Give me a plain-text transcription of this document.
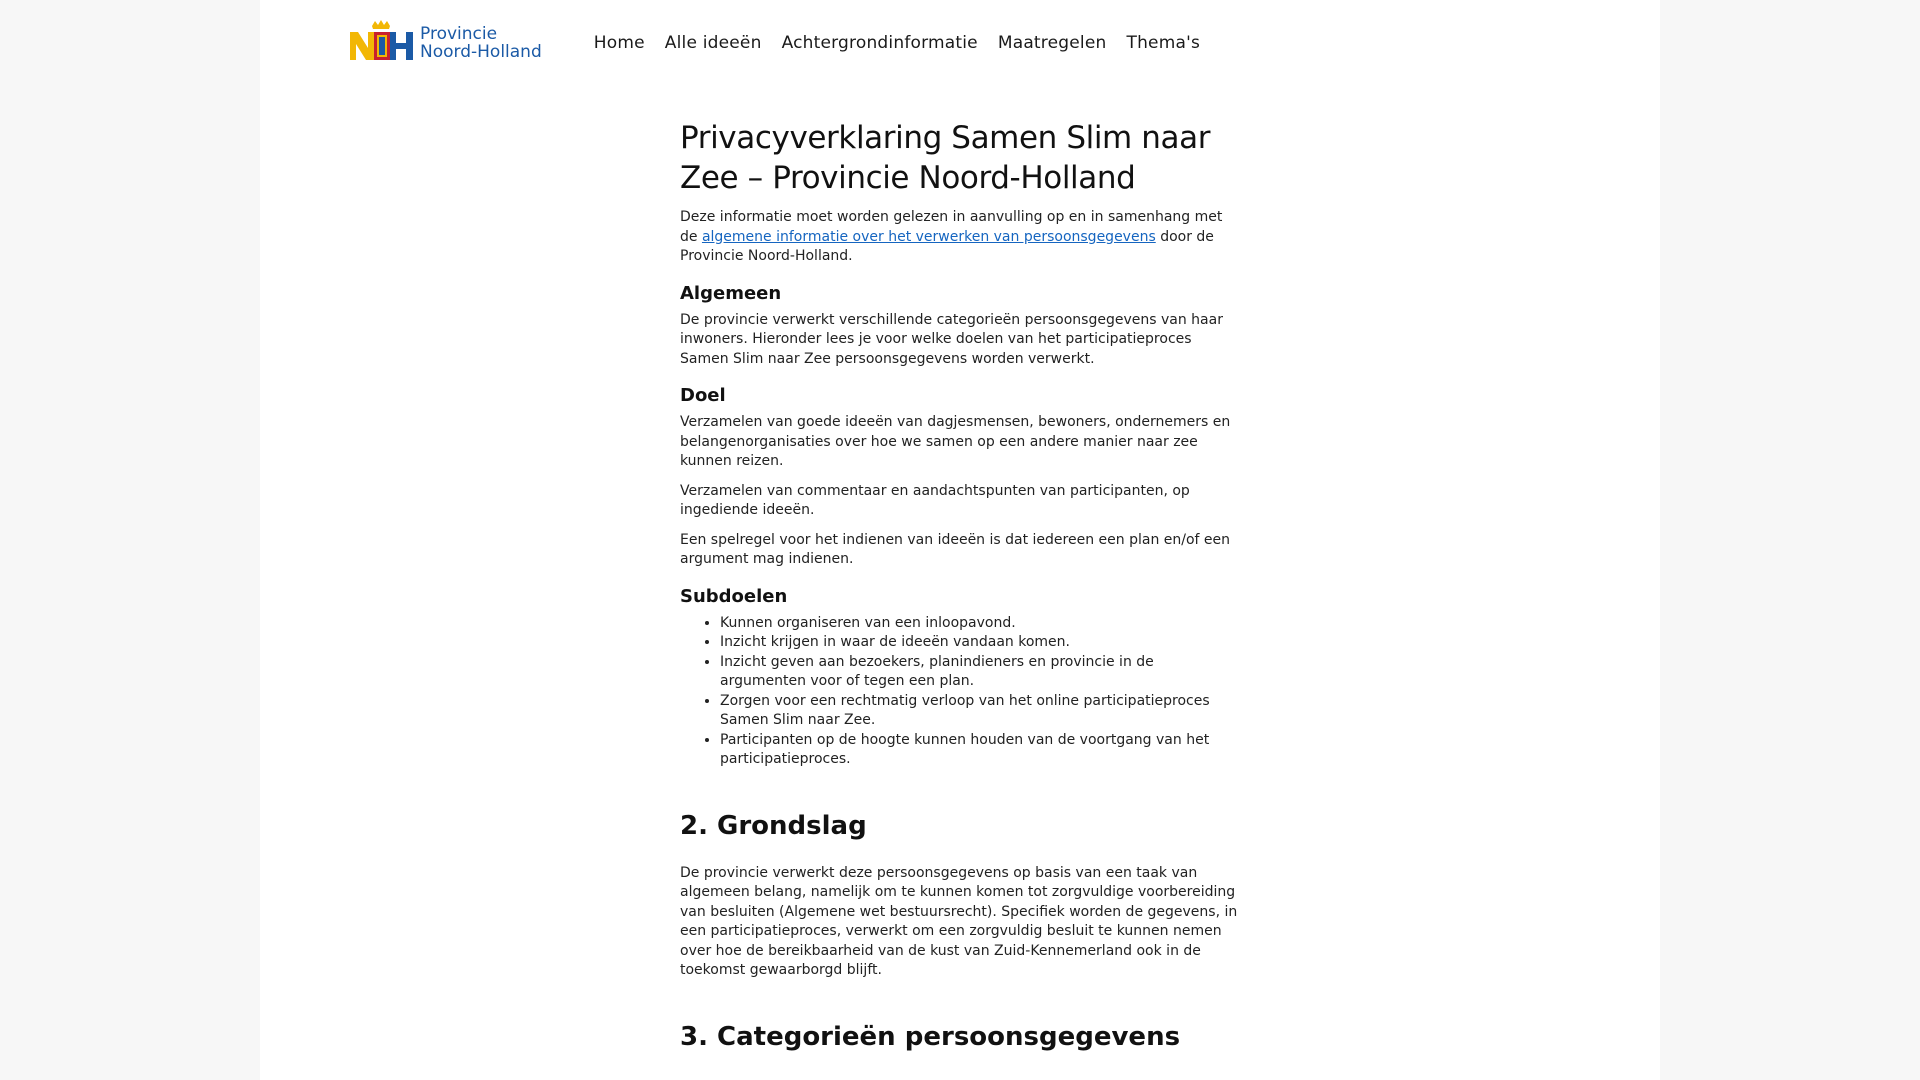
Provincie
Noord-Holland	Home Alle ideeën Achtergrondinformatie Maatregelen Thema's
Privacyverklaring Samen Slim naar Zee – Provincie Noord-Holland

Deze informatie moet worden gelezen in aanvulling op en in samenhang met de algemene informatie over het verwerken van persoonsgegevens door de Provincie Noord-Holland.

Algemeen

De provincie verwerkt verschillende categorieën persoonsgegevens van haar inwoners. Hieronder lees je voor welke doelen van het participatieproces Samen Slim naar Zee persoonsgegevens worden verwerkt.

Doel

Verzamelen van goede ideeën van dagjesmensen, bewoners, ondernemers en belangenorganisaties over hoe we samen op een andere manier naar zee kunnen reizen.

Verzamelen van commentaar en aandachtspunten van participanten, op ingediende ideeën.

Een spelregel voor het indienen van ideeën is dat iedereen een plan en/of een argument mag indienen.

Subdoelen
• Kunnen organiseren van een inloopavond.
• Inzicht krijgen in waar de ideeën vandaan komen.
• Inzicht geven aan bezoekers, planindieners en provincie in de argumenten voor of tegen een plan.
• Zorgen voor een rechtmatig verloop van het online participatieproces Samen Slim naar Zee.
• Participanten op de hoogte kunnen houden van de voortgang van het participatieproces.
2. Grondslag

De provincie verwerkt deze persoonsgegevens op basis van een taak van algemeen belang, namelijk om te kunnen komen tot zorgvuldige voorbereiding van besluiten (Algemene wet bestuursrecht). Specifiek worden de gegevens, in een participatieproces, verwerkt om een zorgvuldig besluit te kunnen nemen over hoe de bereikbaarheid van de kust van Zuid-Kennemerland ook in de toekomst gewaarborgd blijft.

3. Categorieën persoonsgegevens
